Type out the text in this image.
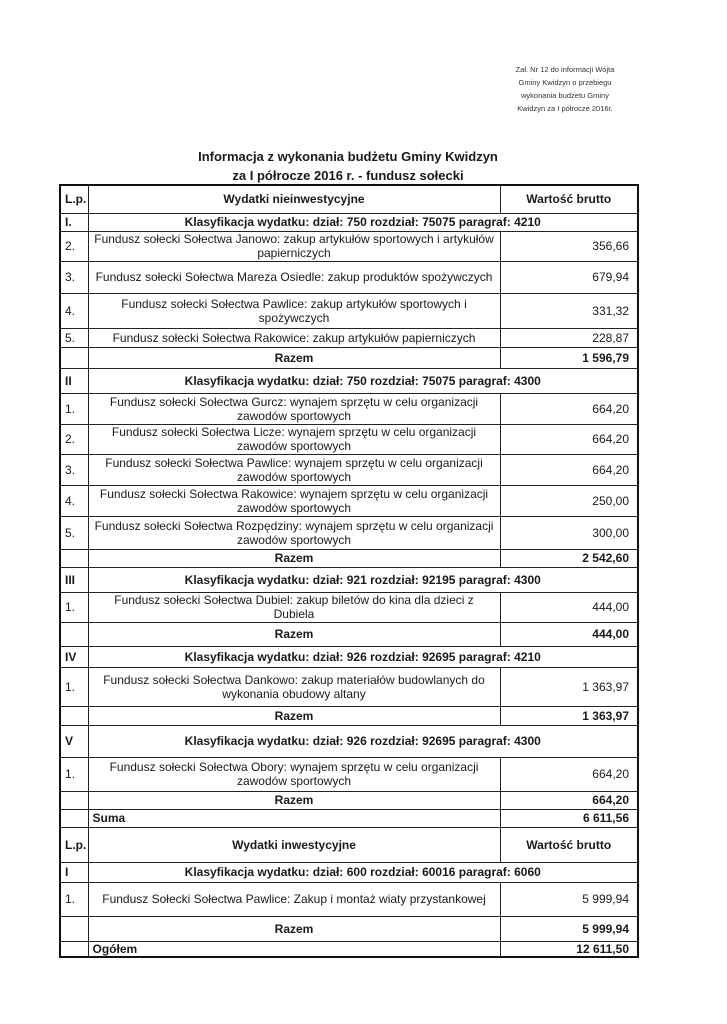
Zał. Nr 12 do informacji Wójta
Gminy Kwidzyn o przebiegu
wykonania budżetu Gminy
Kwidzyn za I półrocze 2016r.
Informacja z wykonania budżetu Gminy Kwidzyn
za I półrocze 2016 r. - fundusz sołecki
L.p.	Wydatki nieinwestycyjne	Wartość brutto
I.	Klasyfikacja wydatku: dział: 750 rozdział: 75075 paragraf: 4210	
2.	Fundusz sołecki Sołectwa Janowo: zakup artykułów sportowych i artykułów papierniczych	356,66
3.	Fundusz sołecki Sołectwa Mareza Osiedle: zakup produktów spożywczych	679,94
4.	Fundusz sołecki Sołectwa Pawlice: zakup artykułów sportowych i spożywczych	331,32
5.	Fundusz sołecki Sołectwa Rakowice: zakup artykułów papierniczych	228,87
	Razem	1 596,79
II	Klasyfikacja wydatku: dział: 750 rozdział: 75075 paragraf: 4300	
1.	Fundusz sołecki Sołectwa Gurcz: wynajem sprzętu w celu organizacji zawodów sportowych	664,20
2.	Fundusz sołecki Sołectwa Licze: wynajem sprzętu w celu organizacji zawodów sportowych	664,20
3.	Fundusz sołecki Sołectwa Pawlice: wynajem sprzętu w celu organizacji zawodów sportowych	664,20
4.	Fundusz sołecki Sołectwa Rakowice: wynajem sprzętu w celu organizacji zawodów sportowych	250,00
5.	Fundusz sołecki Sołectwa Rozpędziny: wynajem sprzętu w celu organizacji zawodów sportowych	300,00
	Razem	2 542,60
III	Klasyfikacja wydatku: dział: 921 rozdział: 92195 paragraf: 4300	
1.	Fundusz sołecki Sołectwa Dubiel: zakup biletów do kina dla dzieci z Dubiela	444,00
	Razem	444,00
IV	Klasyfikacja wydatku: dział: 926 rozdział: 92695 paragraf: 4210	
1.	Fundusz sołecki Sołectwa Dankowo: zakup materiałów budowlanych do wykonania obudowy altany	1 363,97
	Razem	1 363,97
V	Klasyfikacja wydatku: dział: 926 rozdział: 92695 paragraf: 4300	
1.	Fundusz sołecki Sołectwa Obory: wynajem sprzętu w celu organizacji zawodów sportowych	664,20
	Razem	664,20
	Suma	6 611,56
L.p.	Wydatki inwestycyjne	Wartość brutto
I	Klasyfikacja wydatku: dział: 600 rozdział: 60016 paragraf: 6060	
1.	Fundusz Sołecki Sołectwa Pawlice: Zakup i montaż wiaty przystankowej	5 999,94
	Razem	5 999,94
	Ogółem	12 611,50
